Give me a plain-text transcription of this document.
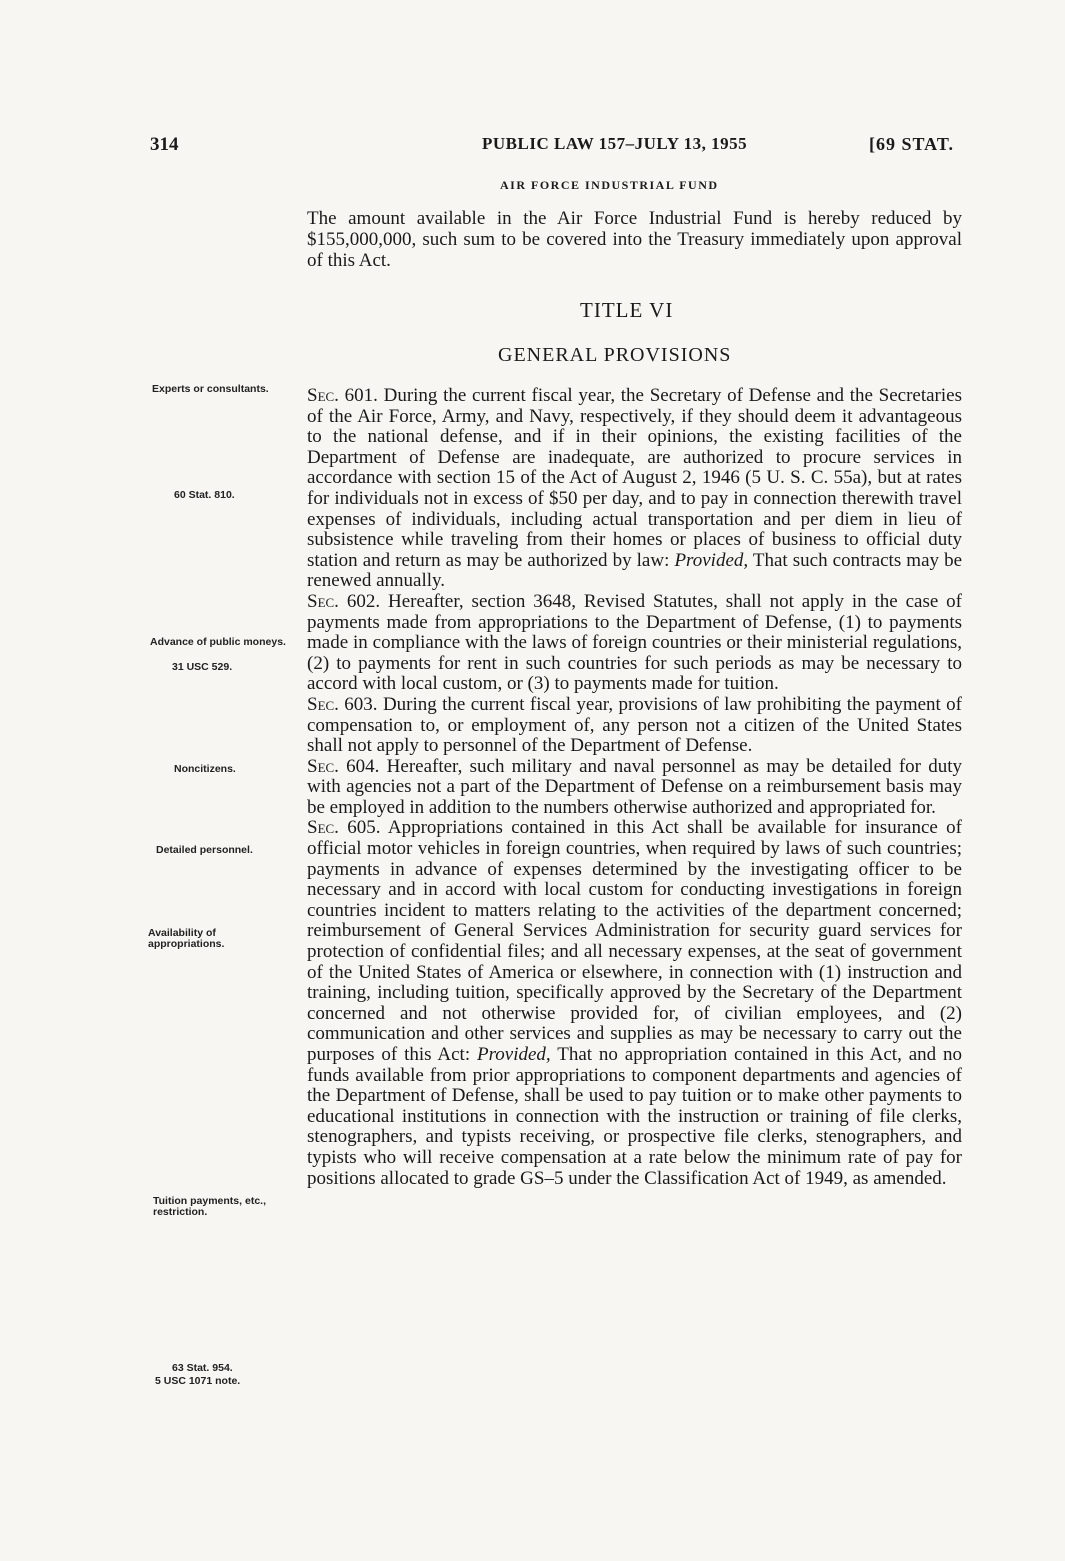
314	PUBLIC LAW 157–JULY 13, 1955	[69 STAT.
AIR FORCE INDUSTRIAL FUND

The amount available in the Air Force Industrial Fund is hereby reduced by $155,000,000, such sum to be covered into the Treasury immediately upon approval of this Act.

TITLE VI
GENERAL PROVISIONS
Experts or consultants.
60 Stat. 810.
Advance of public moneys.
31 USC 529.
Noncitizens.
Detailed personnel.
Availability of appropriations.
Tuition payments, etc., restriction.
63 Stat. 954.
5 USC 1071 note.

Sec. 601. During the current fiscal year, the Secretary of Defense and the Secretaries of the Air Force, Army, and Navy, respectively, if they should deem it advantageous to the national defense, and if in their opinions, the existing facilities of the Department of Defense are inadequate, are authorized to procure services in accordance with section 15 of the Act of August 2, 1946 (5 U. S. C. 55a), but at rates for individuals not in excess of $50 per day, and to pay in connection therewith travel expenses of individuals, including actual transportation and per diem in lieu of subsistence while traveling from their homes or places of business to official duty station and return as may be authorized by law: Provided, That such contracts may be renewed annually.

Sec. 602. Hereafter, section 3648, Revised Statutes, shall not apply in the case of payments made from appropriations to the Department of Defense, (1) to payments made in compliance with the laws of foreign countries or their ministerial regulations, (2) to payments for rent in such countries for such periods as may be necessary to accord with local custom, or (3) to payments made for tuition.

Sec. 603. During the current fiscal year, provisions of law prohibiting the payment of compensation to, or employment of, any person not a citizen of the United States shall not apply to personnel of the Department of Defense.

Sec. 604. Hereafter, such military and naval personnel as may be detailed for duty with agencies not a part of the Department of Defense on a reimbursement basis may be employed in addition to the numbers otherwise authorized and appropriated for.

Sec. 605. Appropriations contained in this Act shall be available for insurance of official motor vehicles in foreign countries, when required by laws of such countries; payments in advance of expenses determined by the investigating officer to be necessary and in accord with local custom for conducting investigations in foreign countries incident to matters relating to the activities of the department concerned; reimbursement of General Services Administration for security guard services for protection of confidential files; and all necessary expenses, at the seat of government of the United States of America or elsewhere, in connection with (1) instruction and training, including tuition, specifically approved by the Secretary of the Department concerned and not otherwise provided for, of civilian employees, and (2) communication and other services and supplies as may be necessary to carry out the purposes of this Act: Provided, That no appropriation contained in this Act, and no funds available from prior appropriations to component departments and agencies of the Department of Defense, shall be used to pay tuition or to make other payments to educational institutions in connection with the instruction or training of file clerks, stenographers, and typists receiving, or prospective file clerks, stenographers, and typists who will receive compensation at a rate below the minimum rate of pay for positions allocated to grade GS–5 under the Classification Act of 1949, as amended.
